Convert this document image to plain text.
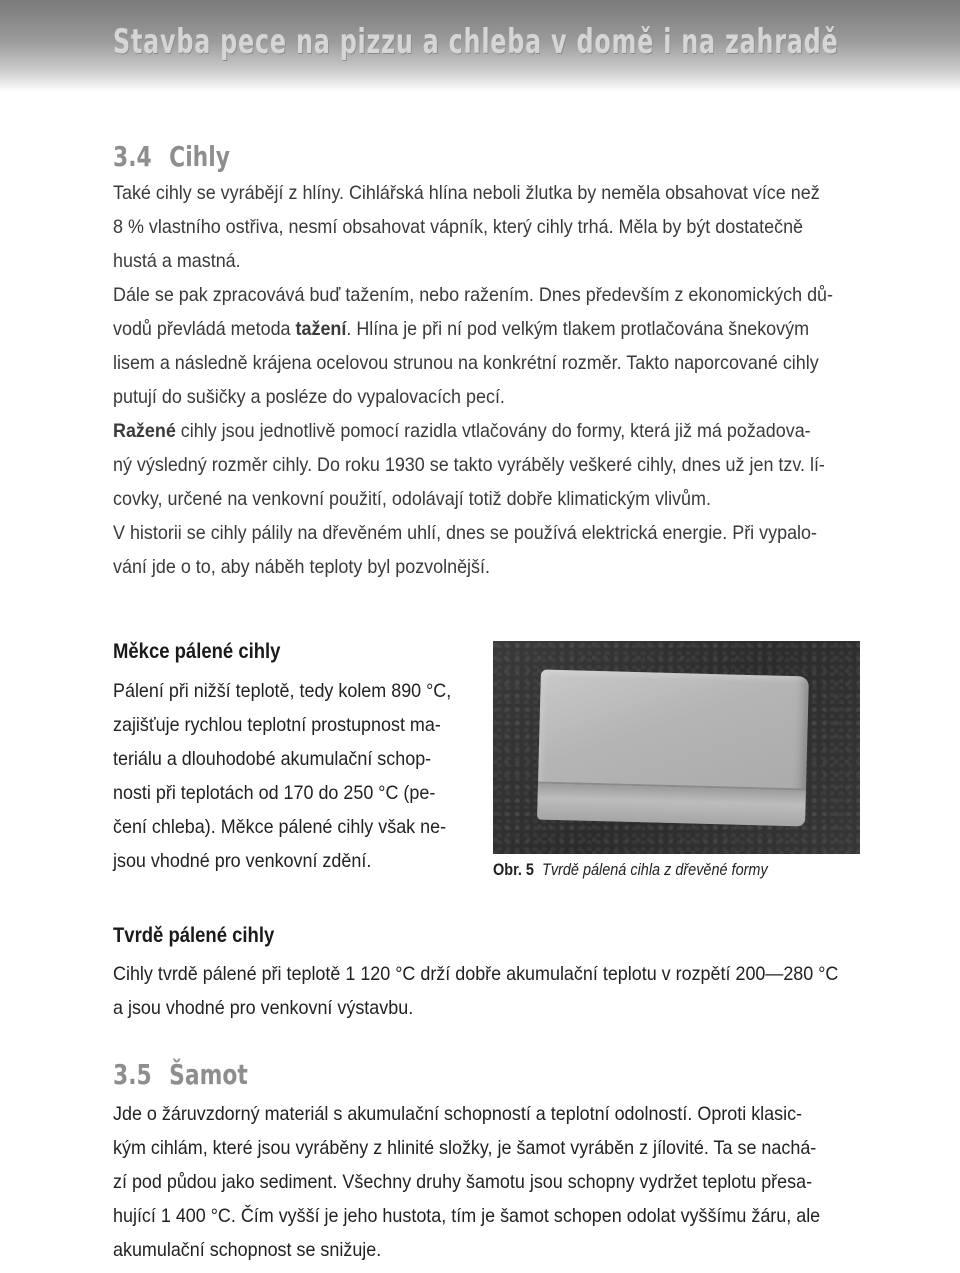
Stavba pece na pizzu a chleba v domě i na zahradě
3.4 Cihly
Také cihly se vyrábějí z hlíny. Cihlářská hlína neboli žlutka by neměla obsahovat více než
8 % vlastního ostřiva, nesmí obsahovat vápník, který cihly trhá. Měla by být dostatečně
hustá a mastná.
Dále se pak zpracovává buď tažením, nebo ražením. Dnes především z ekonomických dů-
vodů převládá metoda tažení. Hlína je při ní pod velkým tlakem protlačována šnekovým
lisem a následně krájena ocelovou strunou na konkrétní rozměr. Takto naporcované cihly
putují do sušičky a posléze do vypalovacích pecí.
Ražené cihly jsou jednotlivě pomocí razidla vtlačovány do formy, která již má požadova-
ný výsledný rozměr cihly. Do roku 1930 se takto vyráběly veškeré cihly, dnes už jen tzv. lí-
covky, určené na venkovní použití, odolávají totiž dobře klimatickým vlivům.
V historii se cihly pálily na dřevěném uhlí, dnes se používá elektrická energie. Při vypalo-
vání jde o to, aby náběh teploty byl pozvolnější.
Měkce pálené cihly
Pálení při nižší teplotě, tedy kolem 890 °C,
zajišťuje rychlou teplotní prostupnost ma-
teriálu a dlouhodobé akumulační schop-
nosti při teplotách od 170 do 250 °C (pe-
čení chleba). Měkce pálené cihly však ne-
jsou vhodné pro venkovní zdění.	Obr. 5 Tvrdě pálená cihla z dřevěné formy
Tvrdě pálené cihly
Cihly tvrdě pálené při teplotě 1 120 °C drží dobře akumulační teplotu v rozpětí 200—280 °C
a jsou vhodné pro venkovní výstavbu.
3.5 Šamot
Jde o žáruvzdorný materiál s akumulační schopností a teplotní odolností. Oproti klasic-
kým cihlám, které jsou vyráběny z hlinité složky, je šamot vyráběn z jílovité. Ta se nachá-
zí pod půdou jako sediment. Všechny druhy šamotu jsou schopny vydržet teplotu přesa-
hující 1 400 °C. Čím vyšší je jeho hustota, tím je šamot schopen odolat vyššímu žáru, ale
akumulační schopnost se snižuje.
